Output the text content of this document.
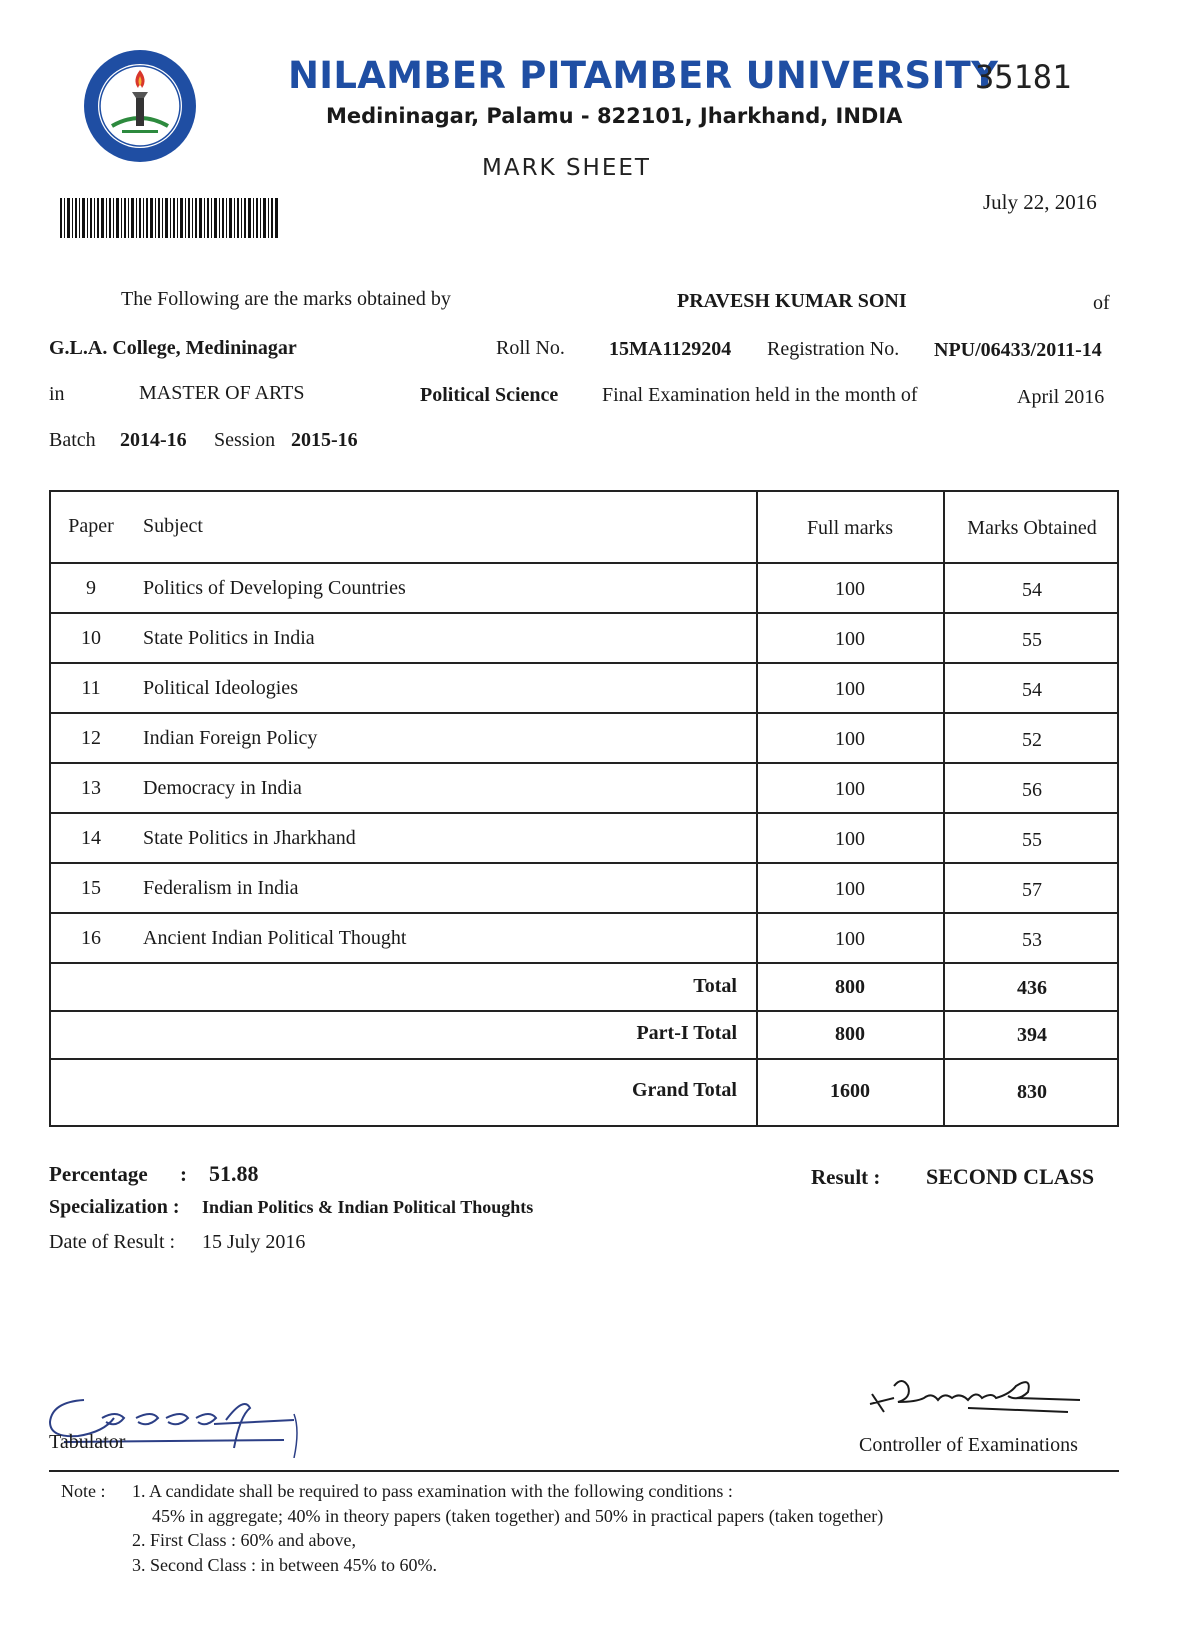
NILAMBER PITAMBER UNIVERSITY
Medininagar, Palamu - 822101, Jharkhand, INDIA
MARK SHEET
35181
July 22, 2016
The Following are the marks obtained by	PRAVESH KUMAR SONI	of
G.L.A. College, Medininagar	Roll No. 15MA1129204 Registration No. NPU/06433/2011-14
in	MASTER OF ARTS	Political Science Final Examination held in the month of	April 2016
Batch 2014-16 Session 2015-16
Paper	Subject	Full marks	Marks Obtained
9	Politics of Developing Countries	100	54
10	State Politics in India	100	55
11	Political Ideologies	100	54
12	Indian Foreign Policy	100	52
13	Democracy in India	100	56
14	State Politics in Jharkhand	100	55
15	Federalism in India	100	57
16	Ancient Indian Political Thought	100	53
Total	800	436
Part-I Total	800	394
Grand Total	1600	830
Percentage : 51.88	Result : SECOND CLASS
Specialization : Indian Politics & Indian Political Thoughts
Date of Result : 15 July 2016
Tabulator	Controller of Examinations
Note : 1. A candidate shall be required to pass examination with the following conditions :
45% in aggregate; 40% in theory papers (taken together) and 50% in practical papers (taken together)
2. First Class : 60% and above,
3. Second Class : in between 45% to 60%.
